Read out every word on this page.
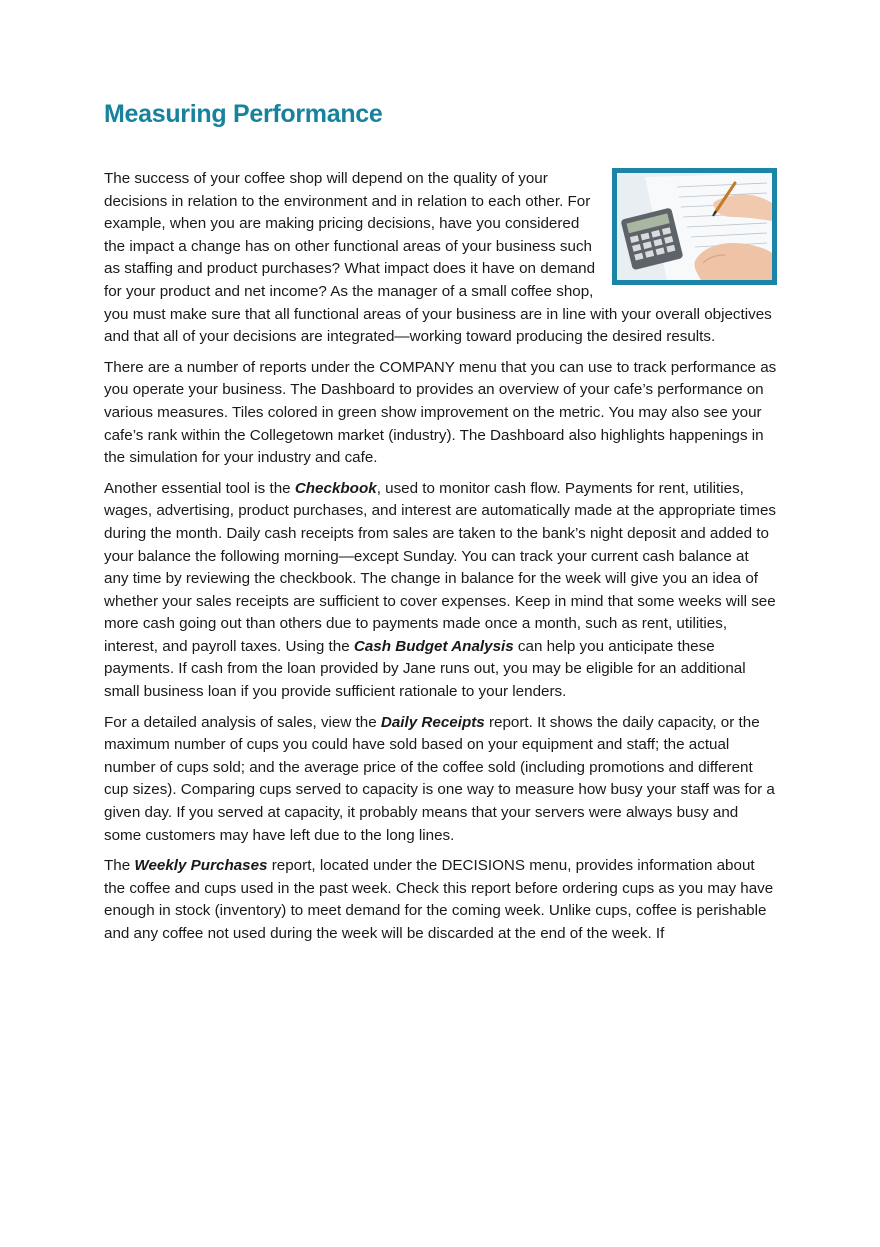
Measuring Performance

The success of your coffee shop will depend on the quality of your decisions in relation to the environment and in relation to each other. For example, when you are making pricing decisions, have you considered the impact a change has on other functional areas of your business such as staffing and product purchases? What impact does it have on demand for your product and net income? As the manager of a small coffee shop, you must make sure that all functional areas of your business are in line with your overall objectives and that all of your decisions are integrated—working toward producing the desired results.

There are a number of reports under the COMPANY menu that you can use to track performance as you operate your business. The Dashboard to provides an overview of your cafe’s performance on various measures. Tiles colored in green show improvement on the metric. You may also see your cafe’s rank within the Collegetown market (industry). The Dashboard also highlights happenings in the simulation for your industry and cafe.

Another essential tool is the Checkbook, used to monitor cash flow. Payments for rent, utilities, wages, advertising, product purchases, and interest are automatically made at the appropriate times during the month. Daily cash receipts from sales are taken to the bank’s night deposit and added to your balance the following morning—except Sunday. You can track your current cash balance at any time by reviewing the checkbook. The change in balance for the week will give you an idea of whether your sales receipts are sufficient to cover expenses. Keep in mind that some weeks will see more cash going out than others due to payments made once a month, such as rent, utilities, interest, and payroll taxes. Using the Cash Budget Analysis can help you anticipate these payments. If cash from the loan provided by Jane runs out, you may be eligible for an additional small business loan if you provide sufficient rationale to your lenders.

For a detailed analysis of sales, view the Daily Receipts report. It shows the daily capacity, or the maximum number of cups you could have sold based on your equipment and staff; the actual number of cups sold; and the average price of the coffee sold (including promotions and different cup sizes). Comparing cups served to capacity is one way to measure how busy your staff was for a given day. If you served at capacity, it probably means that your servers were always busy and some customers may have left due to the long lines.

The Weekly Purchases report, located under the DECISIONS menu, provides information about the coffee and cups used in the past week. Check this report before ordering cups as you may have enough in stock (inventory) to meet demand for the coming week. Unlike cups, coffee is perishable and any coffee not used during the week will be discarded at the end of the week. If
